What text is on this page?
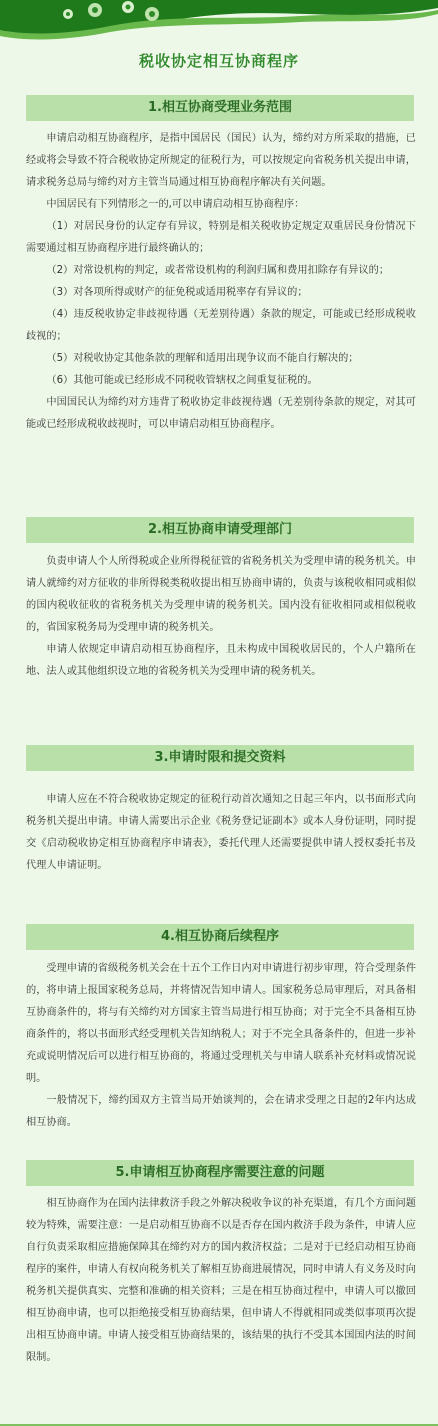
税收协定相互协商程序
1.相互协商受理业务范围

申请启动相互协商程序，是指中国居民（国民）认为，缔约对方所采取的措施，已经或将会导致不符合税收协定所规定的征税行为，可以按规定向省税务机关提出申请，请求税务总局与缔约对方主管当局通过相互协商程序解决有关问题。

中国居民有下列情形之一的,可以申请启动相互协商程序：

（1）对居民身份的认定存有异议，特别是相关税收协定规定双重居民身份情况下需要通过相互协商程序进行最终确认的；

（2）对常设机构的判定，或者常设机构的利润归属和费用扣除存有异议的；

（3）对各项所得或财产的征免税或适用税率存有异议的；

（4）违反税收协定非歧视待遇（无差别待遇）条款的规定，可能或已经形成税收歧视的；

（5）对税收协定其他条款的理解和适用出现争议而不能自行解决的；

（6）其他可能或已经形成不同税收管辖权之间重复征税的。

中国国民认为缔约对方违背了税收协定非歧视待遇（无差别待条款的规定，对其可能或已经形成税收歧视时，可以申请启动相互协商程序。

2.相互协商申请受理部门

负责申请人个人所得税或企业所得税征管的省税务机关为受理申请的税务机关。申请人就缔约对方征收的非所得税类税收提出相互协商申请的，负责与该税收相同或相似的国内税收征收的省税务机关为受理申请的税务机关。国内没有征收相同或相似税收的，省国家税务局为受理申请的税务机关。

申请人依规定申请启动相互协商程序，且未构成中国税收居民的，个人户籍所在地、法人或其他组织设立地的省税务机关为受理申请的税务机关。

3.申请时限和提交资料

申请人应在不符合税收协定规定的征税行动首次通知之日起三年内，以书面形式向税务机关提出申请。申请人需要出示企业《税务登记证副本》或本人身份证明，同时提交《启动税收协定相互协商程序申请表》，委托代理人还需要提供申请人授权委托书及代理人申请证明。

4.相互协商后续程序

受理申请的省级税务机关会在十五个工作日内对申请进行初步审理，符合受理条件的，将申请上报国家税务总局，并将情况告知申请人。国家税务总局审理后，对具备相互协商条件的，将与有关缔约对方国家主管当局进行相互协商；对于完全不具备相互协商条件的，将以书面形式经受理机关告知纳税人；对于不完全具备条件的，但进一步补充或说明情况后可以进行相互协商的，将通过受理机关与申请人联系补充材料或情况说明。

一般情况下，缔约国双方主管当局开始谈判的，会在请求受理之日起的2年内达成相互协商。

5.申请相互协商程序需要注意的问题

相互协商作为在国内法律救济手段之外解决税收争议的补充渠道，有几个方面问题较为特殊，需要注意：一是启动相互协商不以是否存在国内救济手段为条件，申请人应自行负责采取相应措施保障其在缔约对方的国内救济权益；二是对于已经启动相互协商程序的案件，申请人有权向税务机关了解相互协商进展情况，同时申请人有义务及时向税务机关提供真实、完整和准确的相关资料；三是在相互协商过程中，申请人可以撤回相互协商申请，也可以拒绝接受相互协商结果，但申请人不得就相同或类似事项再次提出相互协商申请。申请人接受相互协商结果的，该结果的执行不受其本国国内法的时间限制。
